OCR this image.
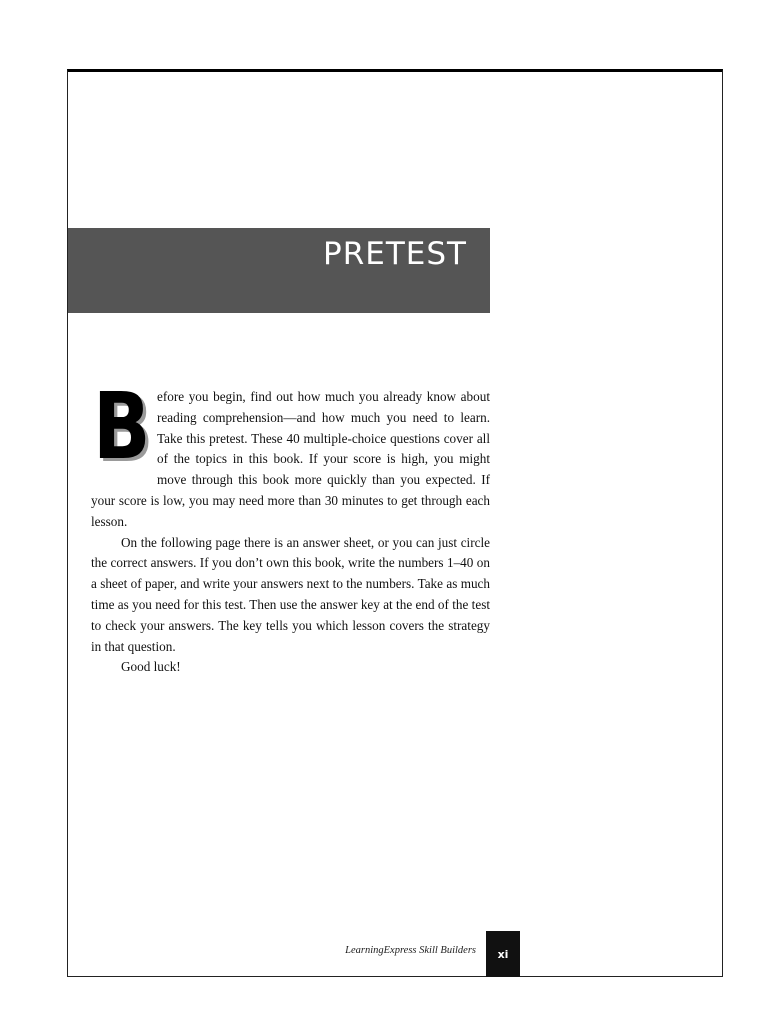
PRETEST
B efore you begin, find out how much you already know about reading comprehension—and how much you need to learn. Take this pretest. These 40 multiple-choice questions cover all of the topics in this book. If your score is high, you might move through this book more quickly than you expected. If your score is low, you may need more than 30 minutes to get through each lesson.

On the following page there is an answer sheet, or you can just circle the correct answers. If you don’t own this book, write the numbers 1–40 on a sheet of paper, and write your answers next to the numbers. Take as much time as you need for this test. Then use the answer key at the end of the test to check your answers. The key tells you which lesson covers the strategy in that question.

Good luck!

LearningExpress Skill Builders	xi
